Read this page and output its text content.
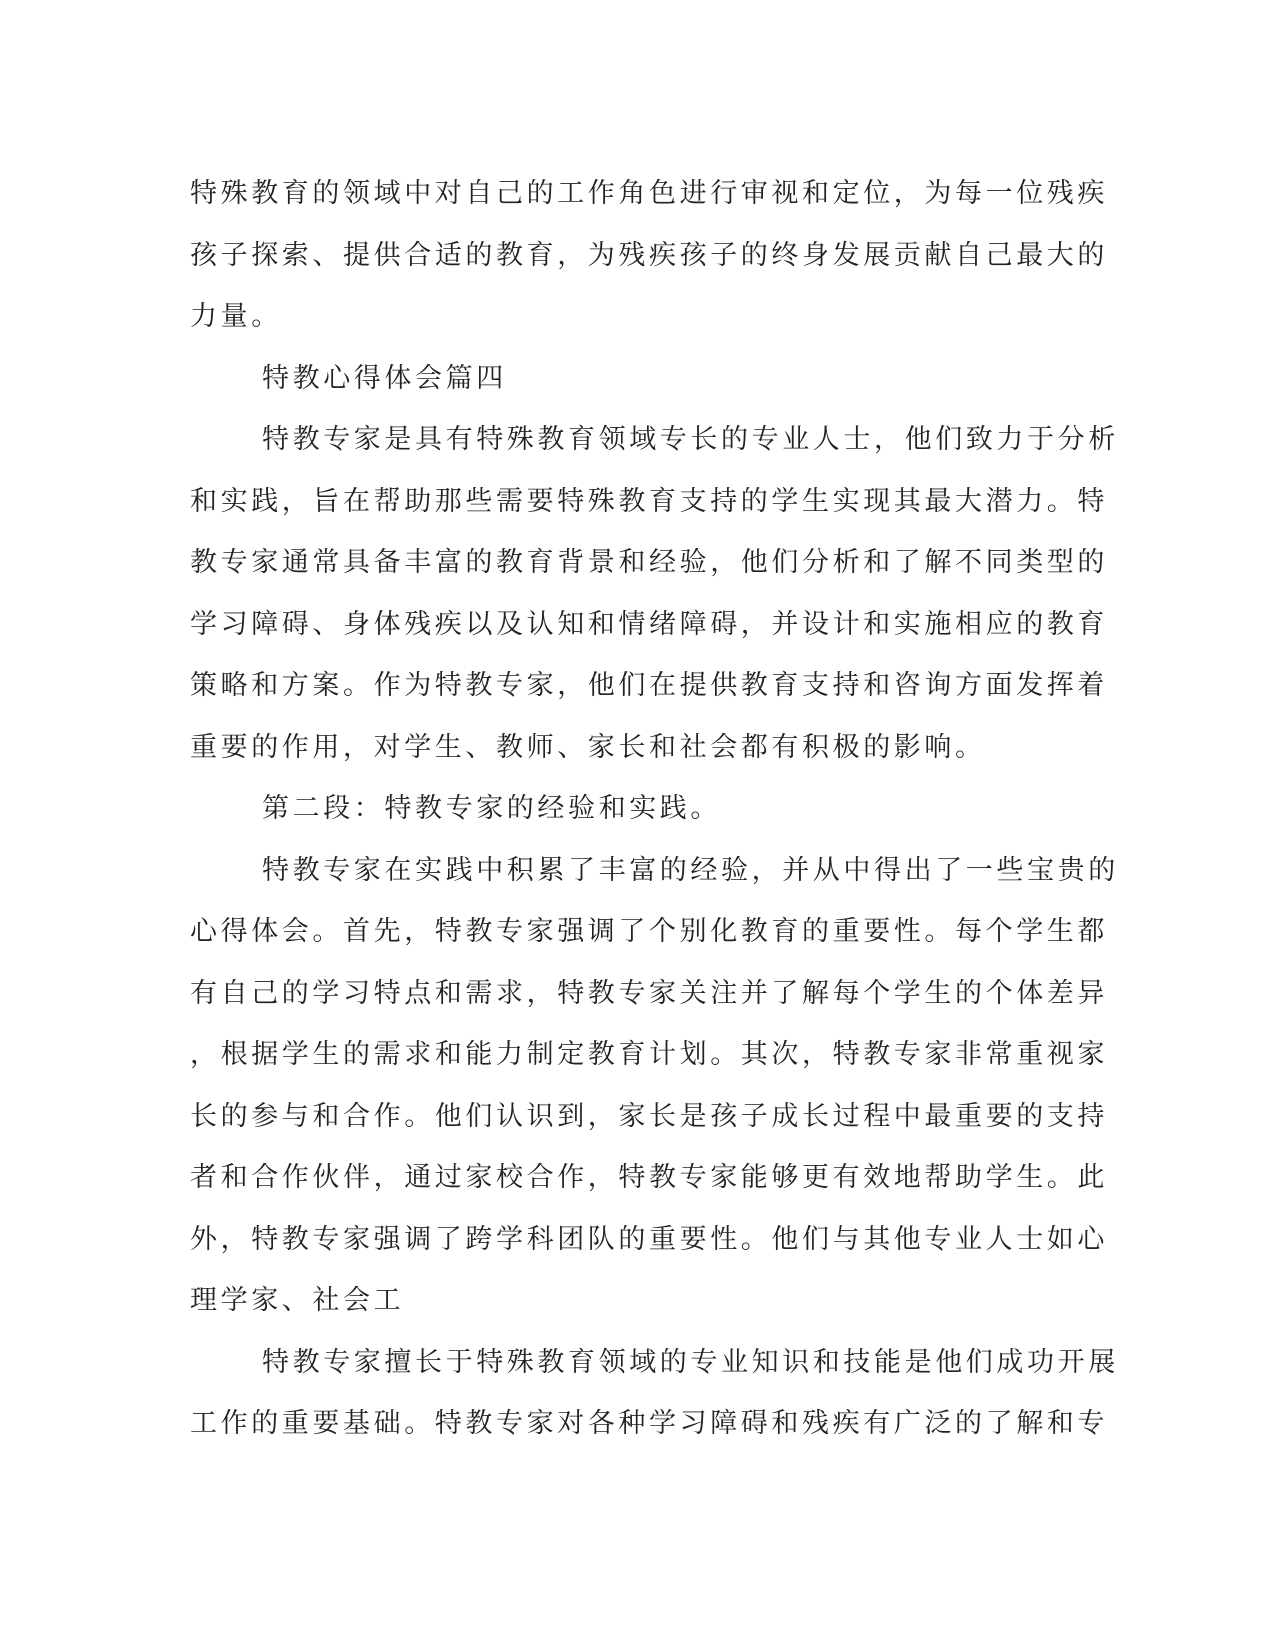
特殊教育的领域中对自己的工作角色进行审视和定位，为每一位残疾
孩子探索、提供合适的教育，为残疾孩子的终身发展贡献自己最大的
力量。
特教心得体会篇四
特教专家是具有特殊教育领域专长的专业人士，他们致力于分析
和实践，旨在帮助那些需要特殊教育支持的学生实现其最大潜力。特
教专家通常具备丰富的教育背景和经验，他们分析和了解不同类型的
学习障碍、身体残疾以及认知和情绪障碍，并设计和实施相应的教育
策略和方案。作为特教专家，他们在提供教育支持和咨询方面发挥着
重要的作用，对学生、教师、家长和社会都有积极的影响。
第二段：特教专家的经验和实践。
特教专家在实践中积累了丰富的经验，并从中得出了一些宝贵的
心得体会。首先，特教专家强调了个别化教育的重要性。每个学生都
有自己的学习特点和需求，特教专家关注并了解每个学生的个体差异
，根据学生的需求和能力制定教育计划。其次，特教专家非常重视家
长的参与和合作。他们认识到，家长是孩子成长过程中最重要的支持
者和合作伙伴，通过家校合作，特教专家能够更有效地帮助学生。此
外，特教专家强调了跨学科团队的重要性。他们与其他专业人士如心
理学家、社会工
特教专家擅长于特殊教育领域的专业知识和技能是他们成功开展
工作的重要基础。特教专家对各种学习障碍和残疾有广泛的了解和专
